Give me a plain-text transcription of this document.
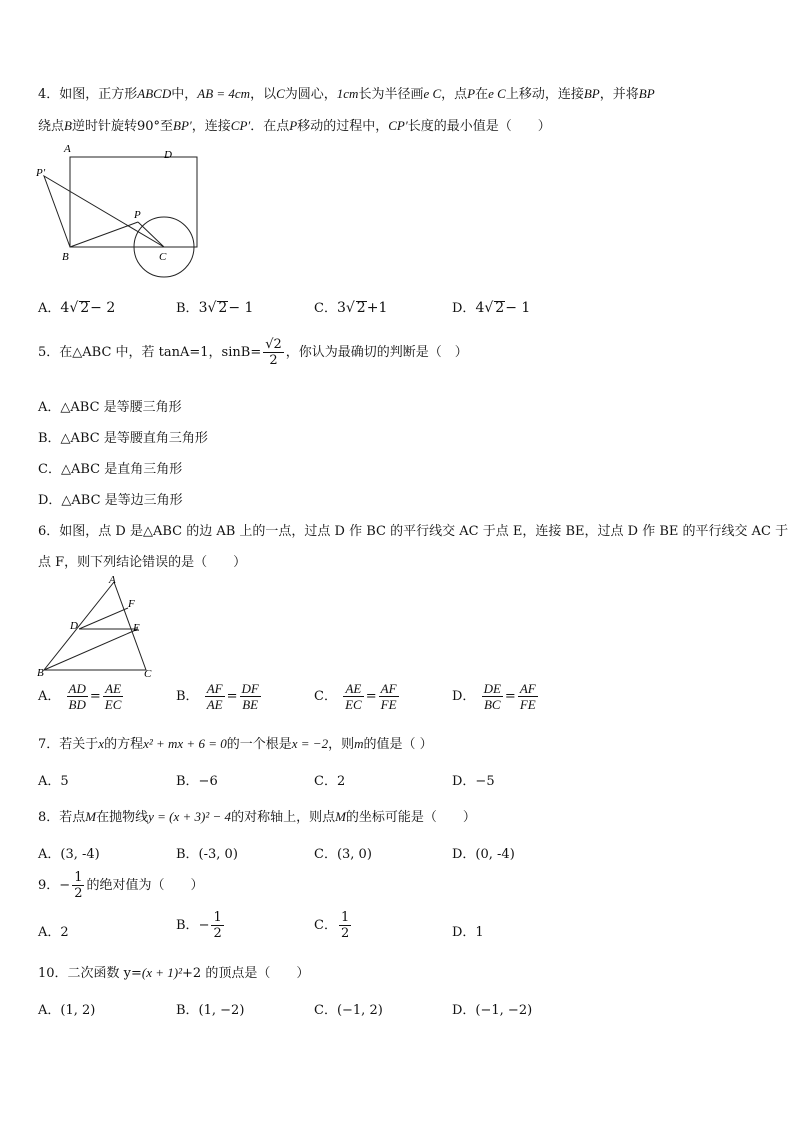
4．如图，正方形ABCD中，AB = 4cm，以C为圆心，1cm长为半径画e C，点P在e C上移动，连接BP，并将BP
绕点B逆时针旋转90°至BP′，连接CP′．在点P移动的过程中，CP′长度的最小值是（　　）
A	D
B	C
P
P′
A．4√ 2− 2	B．3√ 2− 1	C．3√ 2+1	D．4√ 2− 1
5．在△ABC 中，若 tanA=1，$\sin B= \frac{√2}{2}$ ，你认为最确切的判断是（　）
A．△ABC 是等腰三角形
B．△ABC 是等腰直角三角形
C．△ABC 是直角三角形
D．△ABC 是等边三角形
6．如图，点 D 是△ABC 的边 AB 上的一点，过点 D 作 BC 的平行线交 AC 于点 E，连接 BE，过点 D 作 BE 的平行线交 AC 于
点 F，则下列结论错误的是（　　）
A
F
D	E
B	C
A． $\frac{AD}{BD} = \frac{AE}{EC}$	B． $\frac{AF}{AE} = \frac{DF}{BE}$	C． $\frac{AE}{EC} = \frac{AF}{FE}$	D． $\frac{DE}{BC} = \frac{AF}{FE}$
7．若关于x的方程x² + mx + 6 = 0的一个根是x = −2，则m的值是（ ）
A．5	B．−6	C．2	D．−5
8．若点M在抛物线y = (x + 3)² − 4的对称轴上，则点M的坐标可能是（　　）
A．(3, -4)	B．(-3, 0)	C．(3, 0)	D．(0, -4)
9．− $\frac{1}{2}$ 的绝对值为（　　）
A．2	B．− $\frac{1}{2}$	C． $\frac{1}{2}$	D．1
10．二次函数 y=(x + 1)²+2 的顶点是（　　）
A．(1, 2)	B．(1, −2)	C．(−1, 2)	D．(−1, −2)
